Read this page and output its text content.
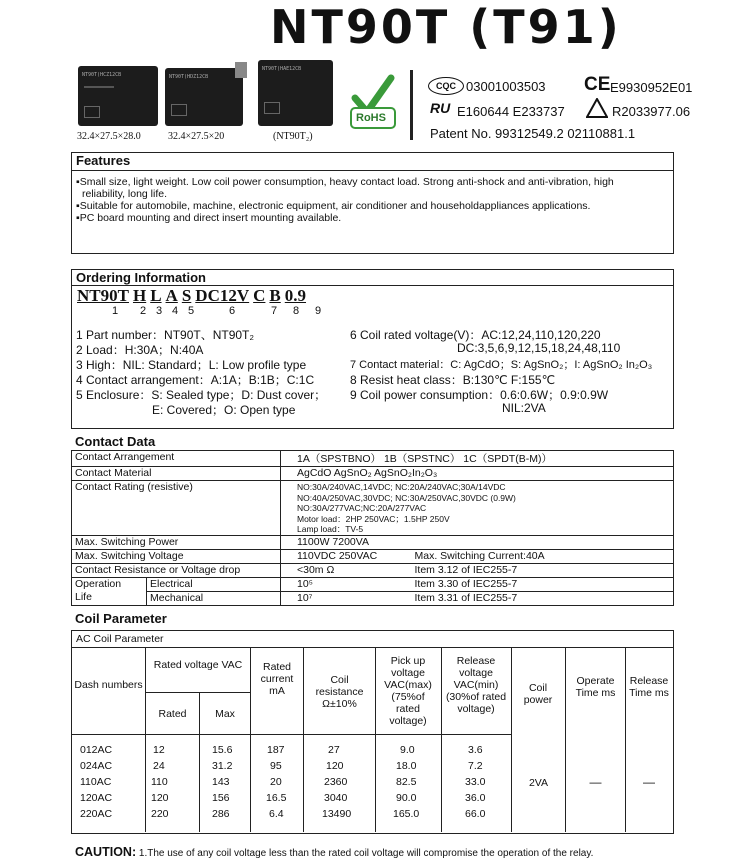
NT90T (T91)
NT90T(HCZ12CB	NT90T(HDZ12CB
NT90T(HAE12CB
32.4×27.5×28.0	32.4×27.5×20	(NT90T₂)
RoHS
CQC 03001003503 CE E9930952E01
RU E160644 E233737	R2033977.06
Patent No. 99312549.2 02110881.1
Features
▪Small size, light weight. Low coil power consumption, heavy contact load. Strong anti-shock and anti-vibration, high
reliability, long life.
▪Suitable for automobile, machine, electronic equipment, air conditioner and householdappliances applications.
▪PC board mounting and direct insert mounting available.
Ordering Information
NT90T H L A S DC12V C B 0.9
1 2 3 4 5	6	7 8 9
1 Part number：NT90T、NT90T₂
2 Load：H:30A；N:40A
3 High：NIL: Standard；L: Low profile type
4 Contact arrangement：A:1A；B:1B；C:1C
5 Enclosure：S: Sealed type；D: Dust cover；
E: Covered；O: Open type
6 Coil rated voltage(V)：AC:12,24,110,120,220
DC:3,5,6,9,12,15,18,24,48,110
7 Contact material：C: AgCdO；S: AgSnO₂；I: AgSnO₂ In₂O₃
8 Resist heat class：B:130℃ F:155℃
9 Coil power consumption：0.6:0.6W；0.9:0.9W
NIL:2VA
Contact Data
Contact Arrangement		1A（SPSTBNO） 1B（SPSTNC） 1C（SPDT(B-M)）	
Contact Material		AgCdO AgSnO₂ AgSnO₂In₂O₃	
Contact Rating (resistive)		NO:30A/240VAC,14VDC; NC:20A/240VAC;30A/14VDC
NO:40A/250VAC,30VDC; NC:30A/250VAC,30VDC (0.9W)
NO:30A/277VAC;NC:20A/277VAC
Motor load：2HP 250VAC；1.5HP 250V
Lamp load：TV-5	

Max. Switching Power		1100W 7200VA	
Max. Switching Voltage		110VDC 250VAC	Max. Switching Current:40A
Contact Resistance or Voltage drop		<30m Ω	Item 3.12 of IEC255-7

Operation
Life	Electrical	10⁵	Item 3.30 of IEC255-7
	Mechanical	10⁷	Item 3.31 of IEC255-7
Coil Parameter
AC Coil Parameter
Dash numbers
Rated voltage VAC
Rated	Max
Rated current mA
Coil resistance Ω±10%
Pick up voltage VAC(max) (75%of rated voltage)
Release voltage VAC(min) (30%of rated voltage)
Coil power
Operate Time ms
Release Time ms
012AC	12	15.6	187	27	9.0	3.6
024AC	24	31.2	95	120	18.0	7.2
110AC	110	143	20	2360	82.5	33.0
120AC	120	156	16.5	3040	90.0	36.0
220AC	220	286	6.4	13490	165.0	66.0
2VA	—	—
CAUTION: 1.The use of any coil voltage less than the rated coil voltage will compromise the operation of the relay.
